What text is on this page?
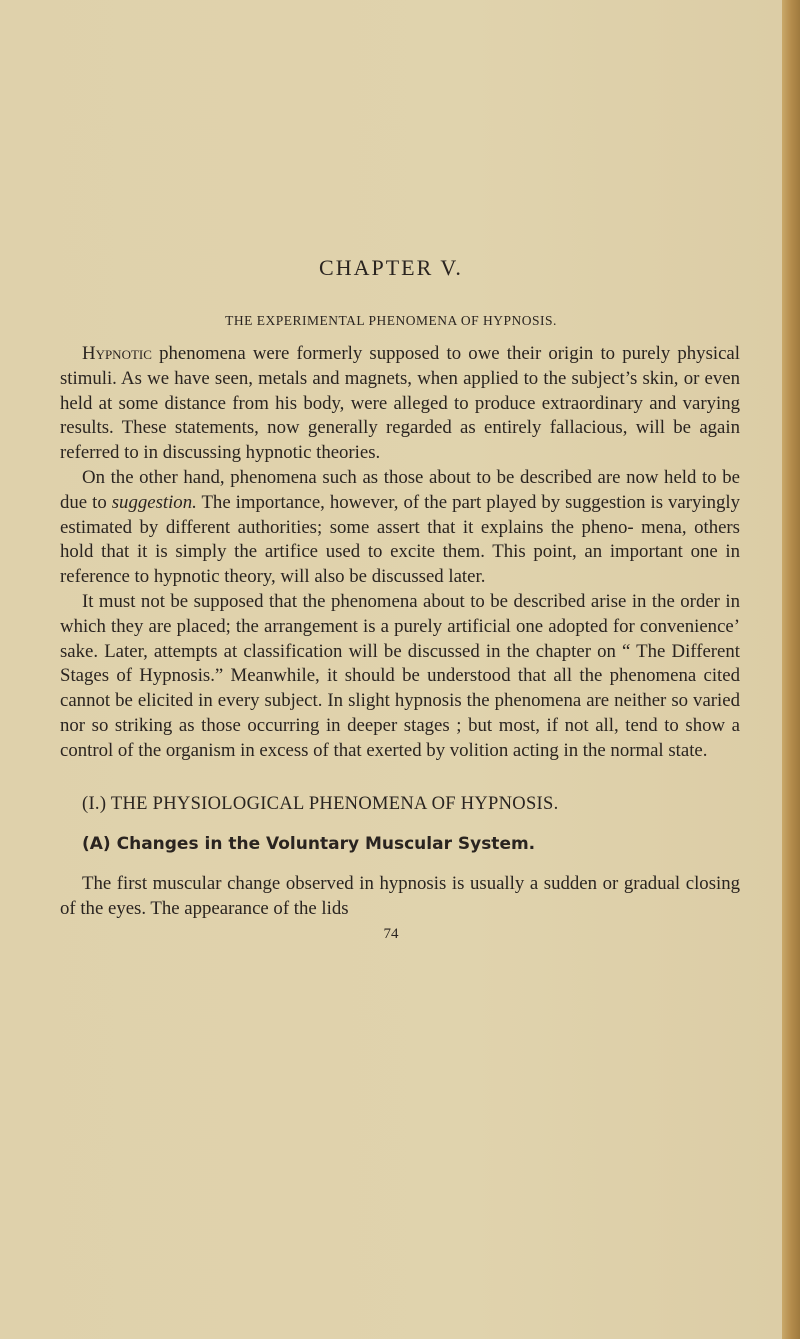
CHAPTER V.
THE EXPERIMENTAL PHENOMENA OF HYPNOSIS.

Hypnotic phenomena were formerly supposed to owe their origin to purely physical stimuli. As we have seen, metals and magnets, when applied to the subject’s skin, or even held at some distance from his body, were alleged to produce extraordinary and varying results. These statements, now generally regarded as entirely fallacious, will be again referred to in discussing hypnotic theories.

On the other hand, phenomena such as those about to be described are now held to be due to suggestion. The importance, however, of the part played by suggestion is varyingly estimated by different authorities; some assert that it explains the pheno- mena, others hold that it is simply the artifice used to excite them. This point, an important one in reference to hypnotic theory, will also be discussed later.

It must not be supposed that the phenomena about to be described arise in the order in which they are placed; the arrangement is a purely artificial one adopted for convenience’ sake. Later, attempts at classification will be discussed in the chapter on “ The Different Stages of Hypnosis.” Meanwhile, it should be understood that all the phenomena cited cannot be elicited in every subject. In slight hypnosis the phenomena are neither so varied nor so striking as those occurring in deeper stages ; but most, if not all, tend to show a control of the organism in excess of that exerted by volition acting in the normal state.

(I.) THE PHYSIOLOGICAL PHENOMENA OF HYPNOSIS.
(A) Changes in the Voluntary Muscular System.

The first muscular change observed in hypnosis is usually a sudden or gradual closing of the eyes. The appearance of the lids

74
